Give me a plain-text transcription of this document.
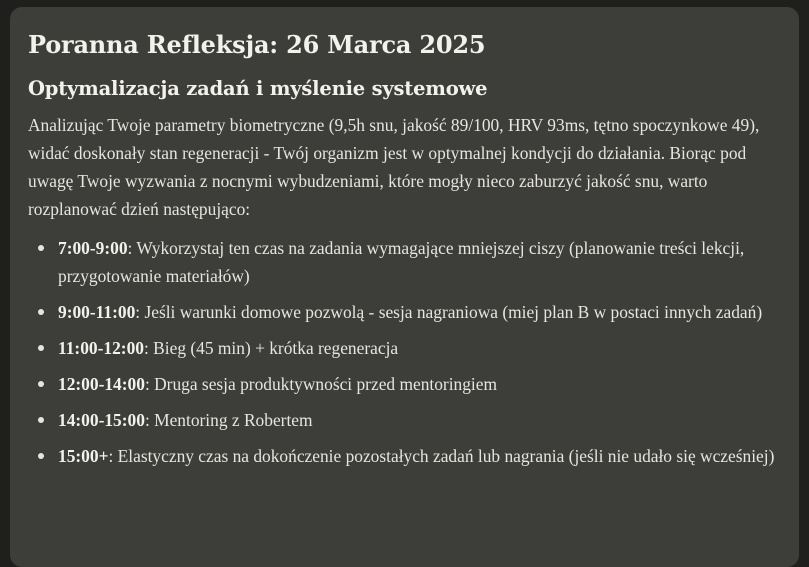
Poranna Refleksja: 26 Marca 2025
Optymalizacja zadań i myślenie systemowe

Analizując Twoje parametry biometryczne (9,5h snu, jakość 89/100, HRV 93ms, tętno spoczynkowe 49), widać doskonały stan regeneracji - Twój organizm jest w optymalnej kondycji do działania. Biorąc pod uwagę Twoje wyzwania z nocnymi wybudzeniami, które mogły nieco zaburzyć jakość snu, warto rozplanować dzień następująco:

7:00-9:00: Wykorzystaj ten czas na zadania wymagające mniejszej ciszy (planowanie treści lekcji, przygotowanie materiałów)
9:00-11:00: Jeśli warunki domowe pozwolą - sesja nagraniowa (miej plan B w postaci innych zadań)
11:00-12:00: Bieg (45 min) + krótka regeneracja
12:00-14:00: Druga sesja produktywności przed mentoringiem
14:00-15:00: Mentoring z Robertem
15:00+: Elastyczny czas na dokończenie pozostałych zadań lub nagrania (jeśli nie udało się wcześniej)
